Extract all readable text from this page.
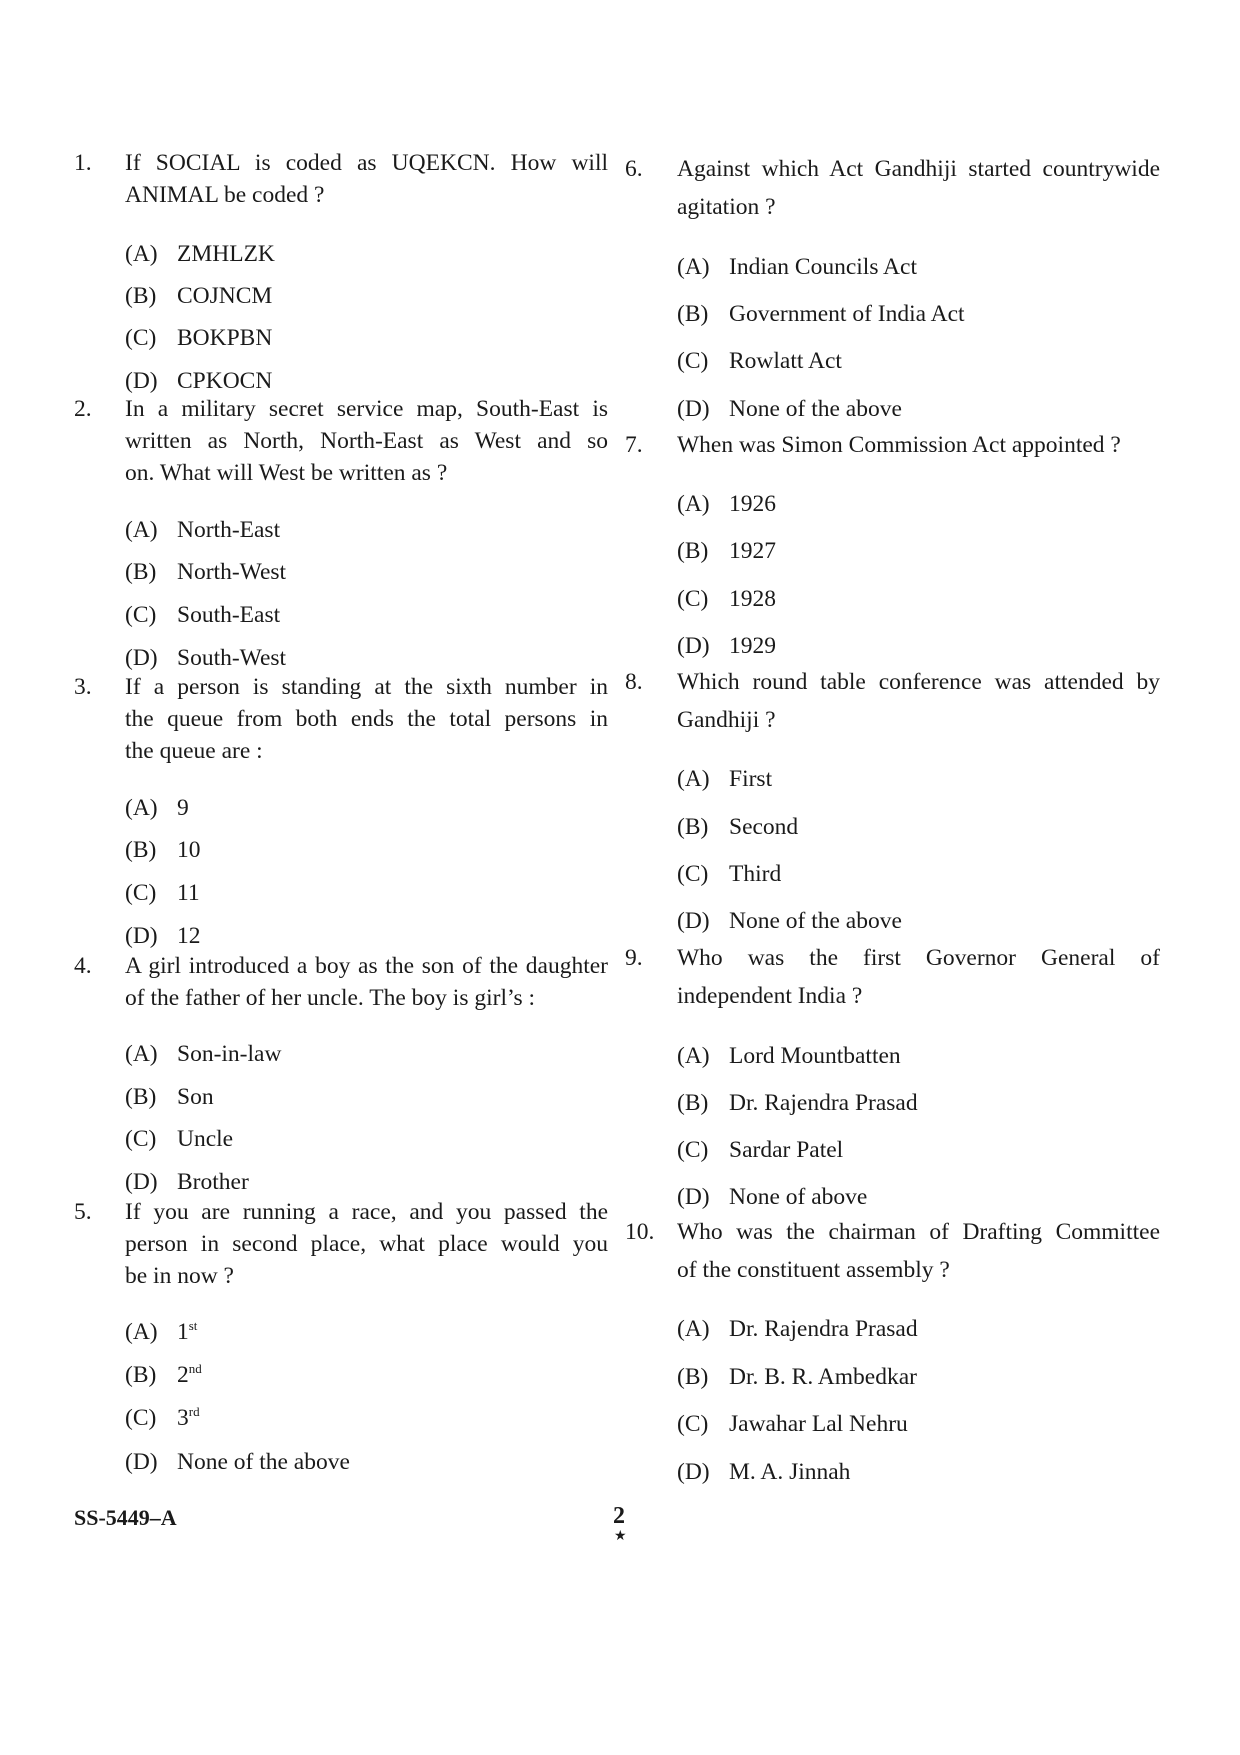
1. If SOCIAL is coded as UQEKCN. How will
ANIMAL be coded ?
(A) ZMHLZK
(B) COJNCM
(C) BOKPBN
(D) CPKOCN
2. In a military secret service map, South-East is
written as North, North-East as West and so
on. What will West be written as ?
(A) North-East
(B) North-West
(C) South-East
(D) South-West
3. If a person is standing at the sixth number in
the queue from both ends the total persons in
the queue are :
(A) 9
(B) 10
(C) 11
(D) 12
4. A girl introduced a boy as the son of the daughter
of the father of her uncle. The boy is girl’s :
(A) Son-in-law
(B) Son
(C) Uncle
(D) Brother
5. If you are running a race, and you passed the
person in second place, what place would you
be in now ?
(A) 1st
(B) 2nd
(C) 3rd
(D) None of the above
6. Against which Act Gandhiji started countrywide
agitation ?
(A) Indian Councils Act
(B) Government of India Act
(C) Rowlatt Act
(D) None of the above
7. When was Simon Commission Act appointed ?
(A) 1926
(B) 1927
(C) 1928
(D) 1929
8. Which round table conference was attended by
Gandhiji ?
(A) First
(B) Second
(C) Third
(D) None of the above
9. Who was the first Governor General of
independent India ?
(A) Lord Mountbatten
(B) Dr. Rajendra Prasad
(C) Sardar Patel
(D) None of above
10. Who was the chairman of Drafting Committee
of the constituent assembly ?
(A) Dr. Rajendra Prasad
(B) Dr. B. R. Ambedkar
(C) Jawahar Lal Nehru
(D) M. A. Jinnah
SS-5449–A	2
★
